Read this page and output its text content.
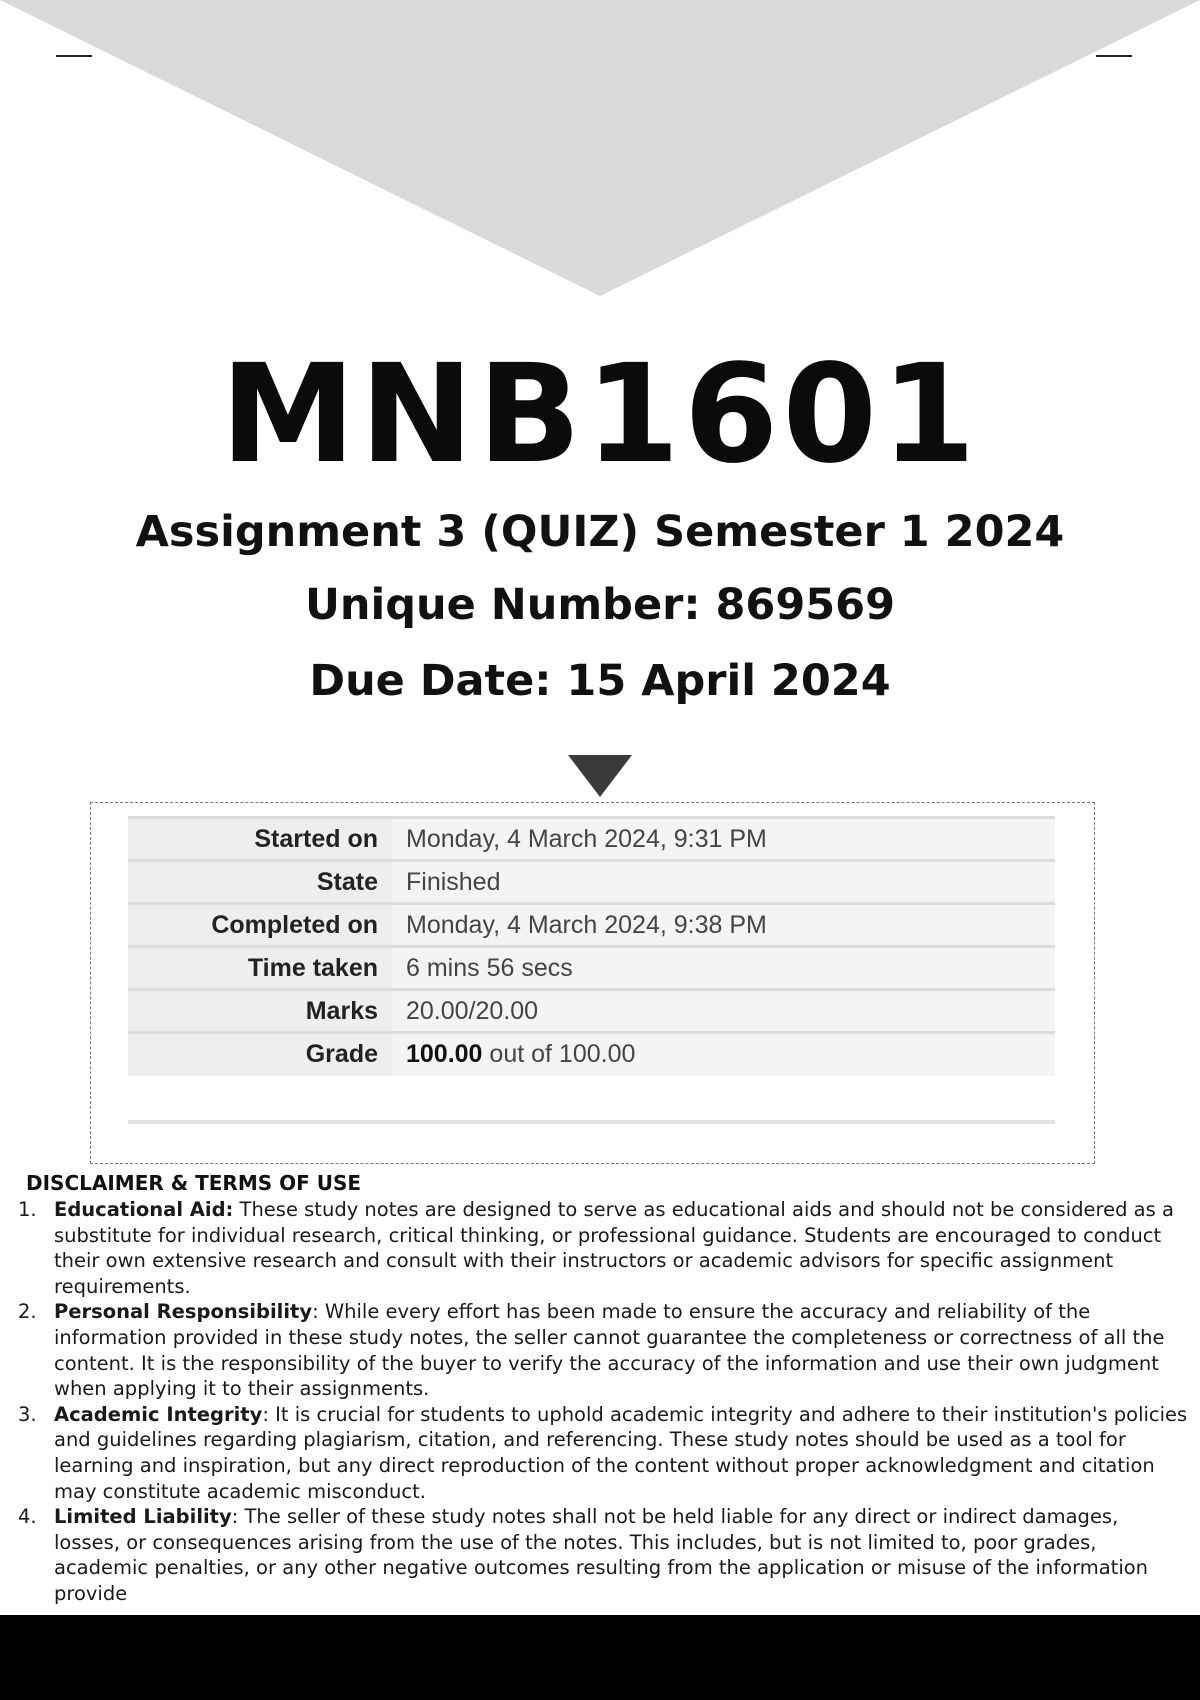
MNB1601
Assignment 3 (QUIZ) Semester 1 2024
Unique Number: 869569
Due Date: 15 April 2024
Started on	Monday, 4 March 2024, 9:31 PM
State	Finished
Completed on	Monday, 4 March 2024, 9:38 PM
Time taken	6 mins 56 secs
Marks	20.00/20.00
Grade	100.00 out of 100.00
DISCLAIMER & TERMS OF USE
1. Educational Aid: These study notes are designed to serve as educational aids and should not be considered as a substitute for individual research, critical thinking, or professional guidance. Students are encouraged to conduct their own extensive research and consult with their instructors or academic advisors for specific assignment requirements.
2. Personal Responsibility: While every effort has been made to ensure the accuracy and reliability of the information provided in these study notes, the seller cannot guarantee the completeness or correctness of all the content. It is the responsibility of the buyer to verify the accuracy of the information and use their own judgment when applying it to their assignments.
3. Academic Integrity: It is crucial for students to uphold academic integrity and adhere to their institution's policies and guidelines regarding plagiarism, citation, and referencing. These study notes should be used as a tool for learning and inspiration, but any direct reproduction of the content without proper acknowledgment and citation may constitute academic misconduct.
4. Limited Liability: The seller of these study notes shall not be held liable for any direct or indirect damages, losses, or consequences arising from the use of the notes. This includes, but is not limited to, poor grades, academic penalties, or any other negative outcomes resulting from the application or misuse of the information provide
